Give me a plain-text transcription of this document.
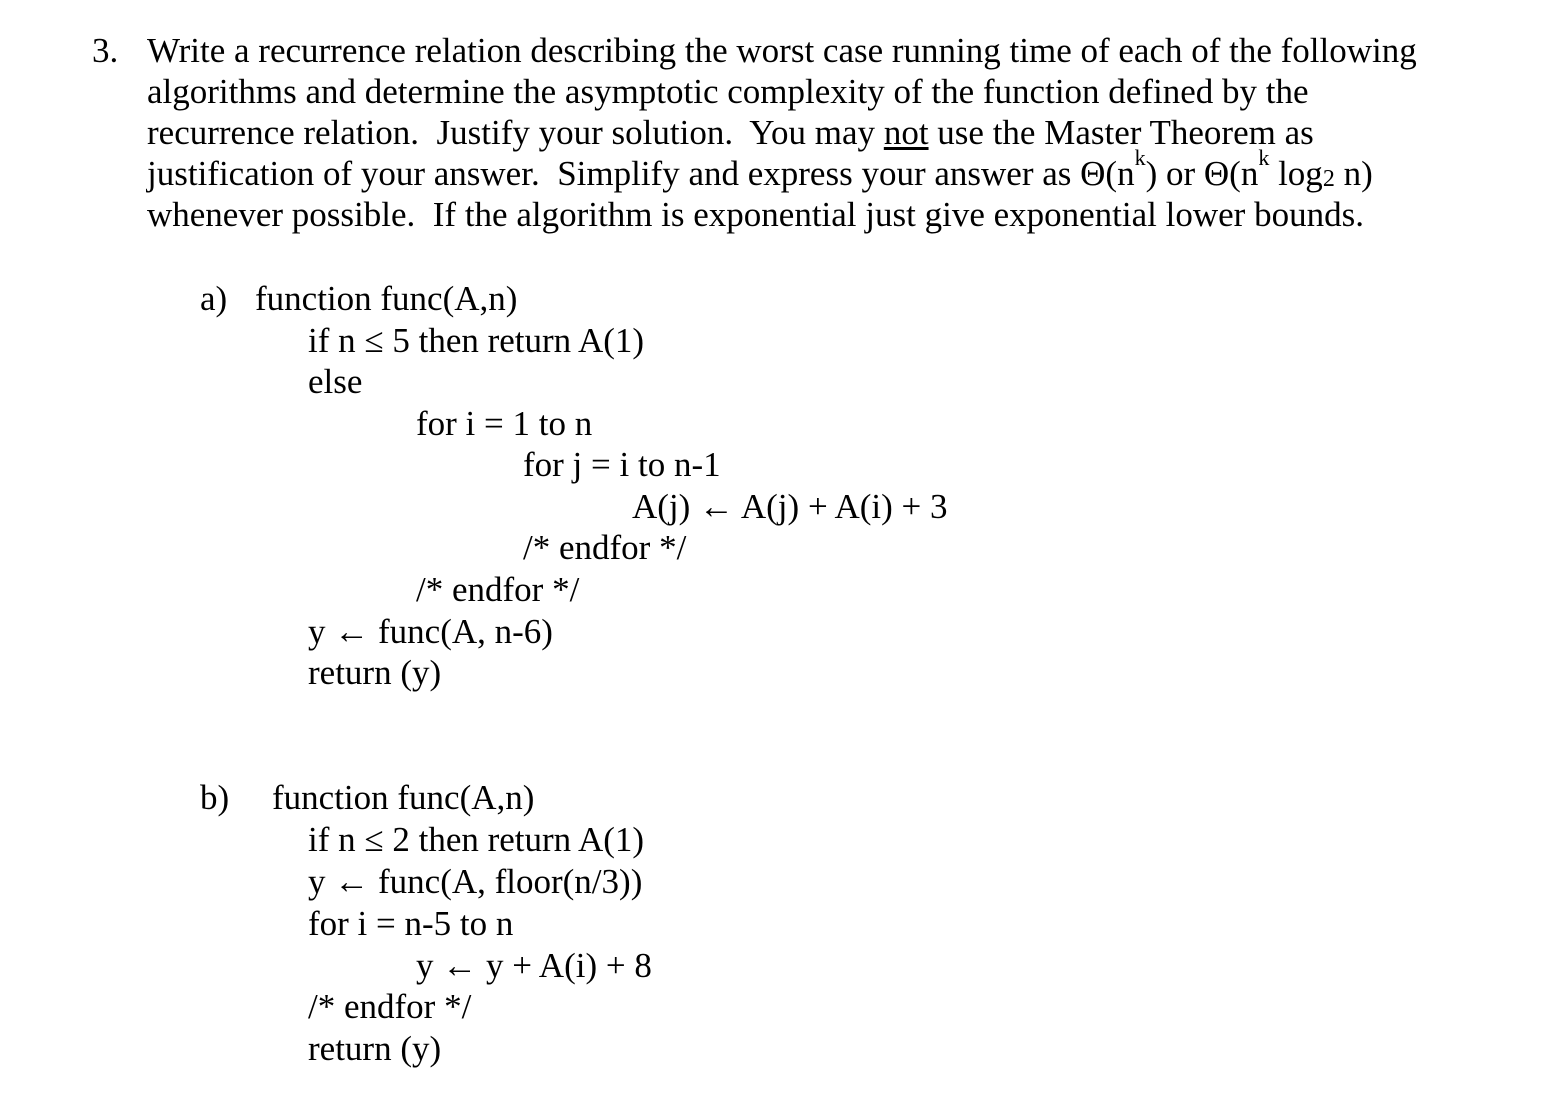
3. Write a recurrence relation describing the worst case running time of each of the following
algorithms and determine the asymptotic complexity of the function defined by the
recurrence relation.  Justify your solution.  You may not use the Master Theorem as
justification of your answer.  Simplify and express your answer as $\Theta(n^k)$ or $\Theta(n^k$ $\log_2 n$)
whenever possible.  If the algorithm is exponential just give exponential lower bounds.
a) function func(A,n)
if n ≤ 5 then return A(1)
else
for i = 1 to n
for j = i to n-1
A(j) ← A(j) + A(i) + 3
/* endfor */
/* endfor */
y ← func(A, n-6)
return (y)
b) function func(A,n)
if n ≤ 2 then return A(1)
y ← func(A, floor(n/3))
for i = n-5 to n
y ← y + A(i) + 8
/* endfor */
return (y)
